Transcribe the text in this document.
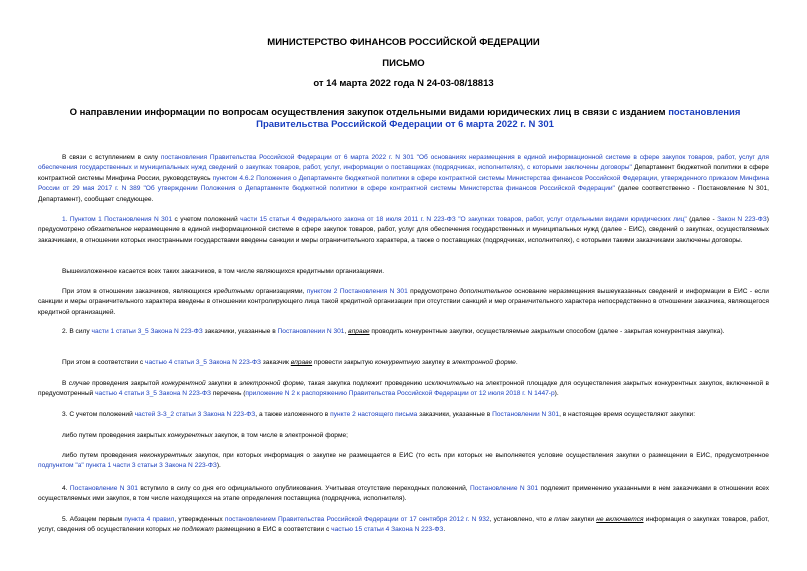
МИНИСТЕРСТВО ФИНАНСОВ РОССИЙСКОЙ ФЕДЕРАЦИИ
ПИСЬМО
от 14 марта 2022 года N 24-03-08/18813
О направлении информации по вопросам осуществления закупок отдельными видами юридических лиц в связи с изданием постановления Правительства Российской Федерации от 6 марта 2022 г. N 301
В связи с вступлением в силу постановления Правительства Российской Федерации от 6 марта 2022 г. N 301 "Об основаниях неразмещения в единой информационной системе в сфере закупок товаров, работ, услуг для обеспечения государственных и муниципальных нужд сведений о закупках товаров, работ, услуг, информации о поставщиках (подрядчиках, исполнителях), с которыми заключены договоры" Департамент бюджетной политики в сфере контрактной системы Минфина России, руководствуясь пунктом 4.6.2 Положения о Департаменте бюджетной политики в сфере контрактной системы Министерства финансов Российской Федерации, утвержденного приказом Минфина России от 29 мая 2017 г. N 389 "Об утверждении Положения о Департаменте бюджетной политики в сфере контрактной системы Министерства финансов Российской Федерации" (далее соответственно - Постановление N 301, Департамент), сообщает следующее.
1. Пунктом 1 Постановления N 301 с учетом положений части 15 статьи 4 Федерального закона от 18 июля 2011 г. N 223-ФЗ "О закупках товаров, работ, услуг отдельными видами юридических лиц" (далее - Закон N 223-ФЗ) предусмотрено обязательное неразмещение в единой информационной системе в сфере закупок товаров, работ, услуг для обеспечения государственных и муниципальных нужд (далее - ЕИС), сведений о закупках, осуществляемых заказчиками, в отношении которых иностранными государствами введены санкции и меры ограничительного характера, а также о поставщиках (подрядчиках, исполнителях), с которыми такими заказчиками заключены договоры.
Вышеизложенное касается всех таких заказчиков, в том числе являющихся кредитными организациями.
При этом в отношении заказчиков, являющихся кредитными организациями, пунктом 2 Постановления N 301 предусмотрено дополнительное основание неразмещения вышеуказанных сведений и информации в ЕИС - если санкции и меры ограничительного характера введены в отношении контролирующего лица такой кредитной организации при отсутствии санкций и мер ограничительного характера непосредственно в отношении заказчика, являющегося кредитной организацией.
2. В силу части 1 статьи 3_5 Закона N 223-ФЗ заказчики, указанные в Постановлении N 301, вправе проводить конкурентные закупки, осуществляемые закрытым способом (далее - закрытая конкурентная закупка).
При этом в соответствии с частью 4 статьи 3_5 Закона N 223-ФЗ заказчик вправе провести закрытую конкурентную закупку в электронной форме.
В случае проведения закрытой конкурентной закупки в электронной форме, такая закупка подлежит проведению исключительно на электронной площадке для осуществления закрытых конкурентных закупок, включенной в предусмотренный частью 4 статьи 3_5 Закона N 223-ФЗ перечень (приложение N 2 к распоряжению Правительства Российской Федерации от 12 июля 2018 г. N 1447-р).
3. С учетом положений частей 3-3_2 статьи 3 Закона N 223-ФЗ, а также изложенного в пункте 2 настоящего письма заказчики, указанные в Постановлении N 301, в настоящее время осуществляют закупки:
либо путем проведения закрытых конкурентных закупок, в том числе в электронной форме;
либо путем проведения неконкурентных закупок, при которых информация о закупке не размещается в ЕИС (то есть при которых не выполняется условие осуществления закупки о размещении в ЕИС, предусмотренное подпунктом "а" пункта 1 части 3 статьи 3 Закона N 223-ФЗ).
4. Постановление N 301 вступило в силу со дня его официального опубликования. Учитывая отсутствие переходных положений, Постановление N 301 подлежит применению указанными в нем заказчиками в отношении всех осуществляемых ими закупок, в том числе находящихся на этапе определения поставщика (подрядчика, исполнителя).
5. Абзацем первым пункта 4 правил, утвержденных постановлением Правительства Российской Федерации от 17 сентября 2012 г. N 932, установлено, что в план закупки не включается информация о закупках товаров, работ, услуг, сведения об осуществлении которых не подлежат размещению в ЕИС в соответствии с частью 15 статьи 4 Закона N 223-ФЗ.
